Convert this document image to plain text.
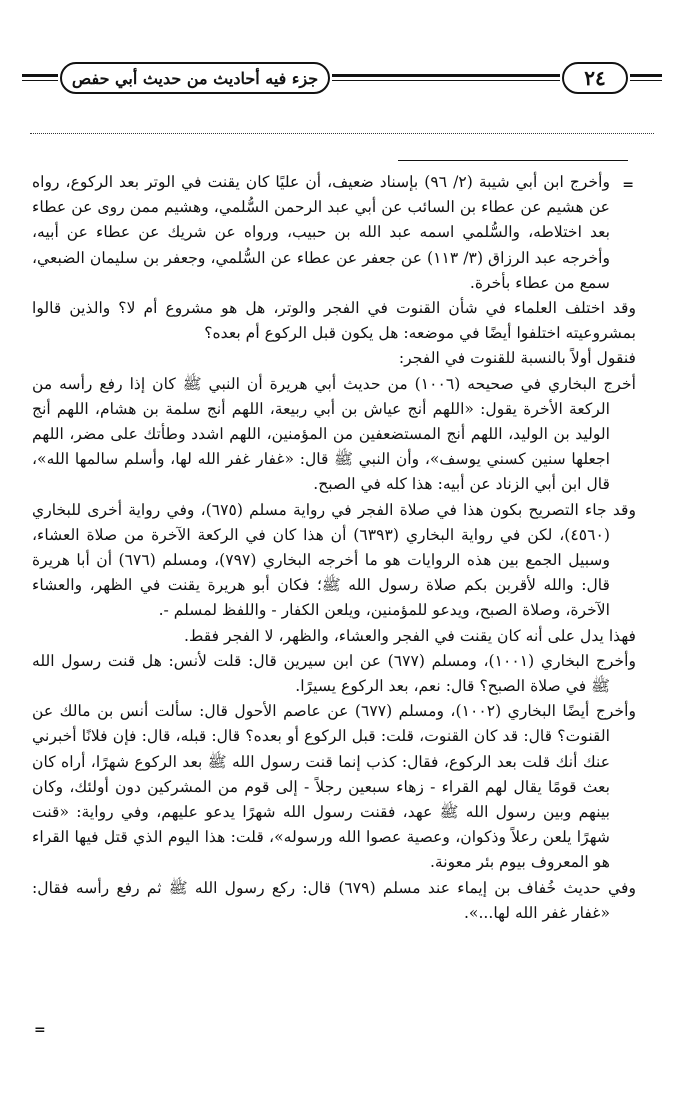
جزء فيه أحاديث من حديث أبي حفص	٢٤
=

وأخرج ابن أبي شيبة (٢/ ٩٦) بإسناد ضعيف، أن عليًا كان يقنت في الوتر بعد الركوع، رواه عن هشيم عن عطاء بن السائب عن أبي عبد الرحمن السُّلمي، وهشيم ممن روى عن عطاء بعد اختلاطه، والسُّلمي اسمه عبد الله بن حبيب، ورواه عن شريك عن عطاء عن أبيه، وأخرجه عبد الرزاق (٣/ ١١٣) عن جعفر عن عطاء عن السُّلمي، وجعفر بن سليمان الضبعي، سمع من عطاء بأخرة.

وقد اختلف العلماء في شأن القنوت في الفجر والوتر، هل هو مشروع أم لا؟ والذين قالوا بمشروعيته اختلفوا أيضًا في موضعه: هل يكون قبل الركوع أم بعده؟

فنقول أولاً بالنسبة للقنوت في الفجر:

أخرج البخاري في صحيحه (١٠٠٦) من حديث أبي هريرة أن النبي ﷺ كان إذا رفع رأسه من الركعة الأخرة يقول: «اللهم أنج عياش بن أبي ربيعة، اللهم أنج سلمة بن هشام، اللهم أنج الوليد بن الوليد، اللهم أنج المستضعفين من المؤمنين، اللهم اشدد وطأتك على مضر، اللهم اجعلها سنين كسني يوسف»، وأن النبي ﷺ قال: «غفار غفر الله لها، وأسلم سالمها الله»، قال ابن أبي الزناد عن أبيه: هذا كله في الصبح.

وقد جاء التصريح بكون هذا في صلاة الفجر في رواية مسلم (٦٧٥)، وفي رواية أخرى للبخاري (٤٥٦٠)، لكن في رواية البخاري (٦٣٩٣) أن هذا كان في الركعة الآخرة من صلاة العشاء، وسبيل الجمع بين هذه الروايات هو ما أخرجه البخاري (٧٩٧)، ومسلم (٦٧٦) أن أبا هريرة قال: والله لأقربن بكم صلاة رسول الله ﷺ؛ فكان أبو هريرة يقنت في الظهر، والعشاء الآخرة، وصلاة الصبح، ويدعو للمؤمنين، ويلعن الكفار - واللفظ لمسلم -.

فهذا يدل على أنه كان يقنت في الفجر والعشاء، والظهر، لا الفجر فقط.

وأخرج البخاري (١٠٠١)، ومسلم (٦٧٧) عن ابن سيرين قال: قلت لأنس: هل قنت رسول الله ﷺ في صلاة الصبح؟ قال: نعم، بعد الركوع يسيرًا.

وأخرج أيضًا البخاري (١٠٠٢)، ومسلم (٦٧٧) عن عاصم الأحول قال: سألت أنس بن مالك عن القنوت؟ قال: قد كان القنوت، قلت: قبل الركوع أو بعده؟ قال: قبله، قال: فإن فلانًا أخبرني عنك أنك قلت بعد الركوع، فقال: كذب إنما قنت رسول الله ﷺ بعد الركوع شهرًا، أراه كان بعث قومًا يقال لهم القراء - زهاء سبعين رجلاً - إلى قوم من المشركين دون أولئك، وكان بينهم وبين رسول الله ﷺ عهد، فقنت رسول الله شهرًا يدعو عليهم، وفي رواية: «قنت شهرًا يلعن رعلاً وذكوان، وعصية عصوا الله ورسوله»، قلت: هذا اليوم الذي قتل فيها القراء هو المعروف بيوم بئر معونة.

وفي حديث خُفاف بن إيماء عند مسلم (٦٧٩) قال: ركع رسول الله ﷺ ثم رفع رأسه فقال: «غفار غفر الله لها...».

=
